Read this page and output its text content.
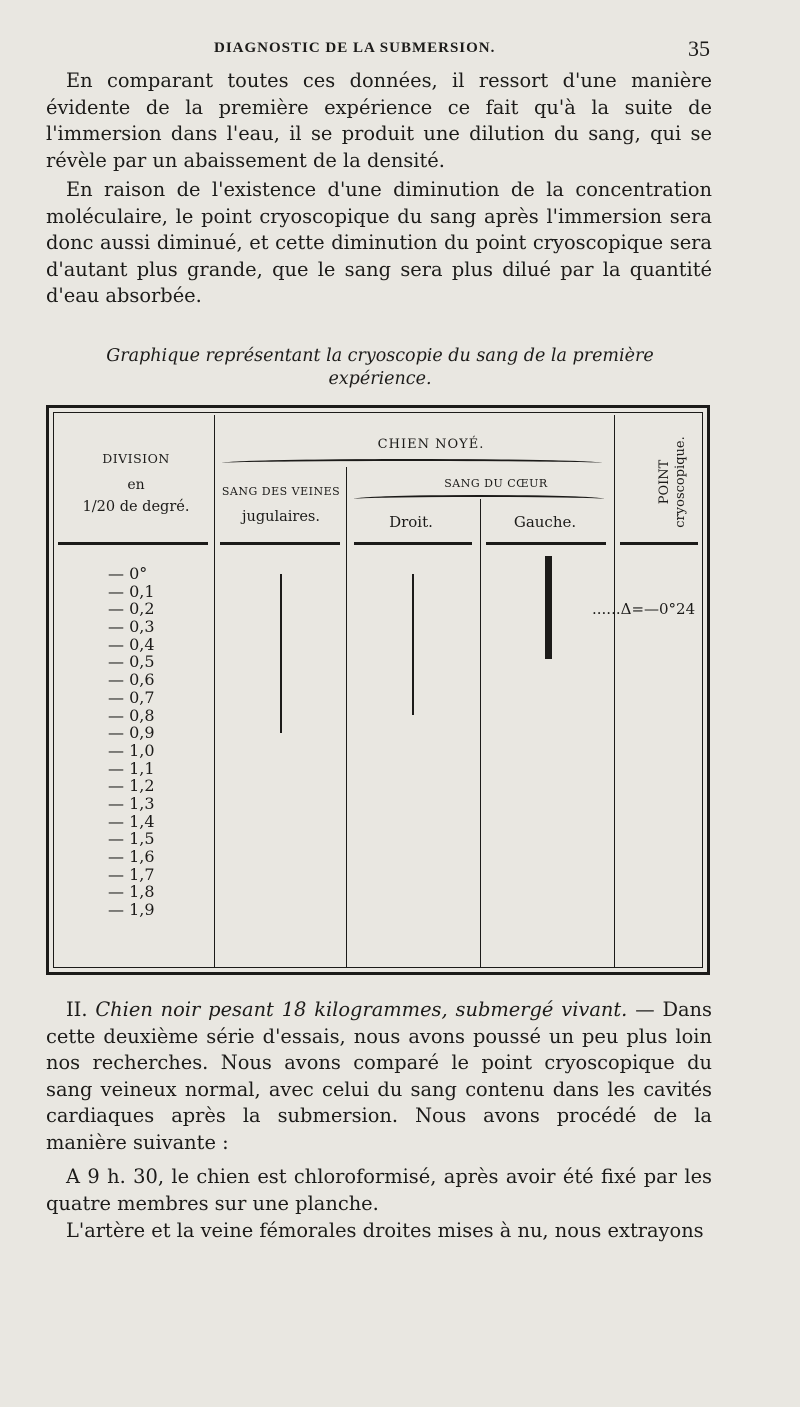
DIAGNOSTIC DE LA SUBMERSION.	35

En comparant toutes ces données, il ressort d'une manière évidente de la première expérience ce fait qu'à la suite de l'immersion dans l'eau, il se produit une dilution du sang, qui se révèle par un abaissement de la densité.

En raison de l'existence d'une diminution de la concentration moléculaire, le point cryoscopique du sang après l'immersion sera donc aussi diminué, et cette diminution du point cryoscopique sera d'autant plus grande, que le sang sera plus dilué par la quantité d'eau absorbée.

Graphique représentant la cryoscopie du sang de la première expérience.
DIVISION
en
1/20 de degré.
CHIEN NOYÉ.
SANG DES VEINES
jugulaires.
SANG DU CŒUR
Droit.	Gauche.
POINT cryoscopique.
— 0°
— 0,1
— 0,2
— 0,3
— 0,4
— 0,5
— 0,6
— 0,7
— 0,8
— 0,9
— 1,0
— 1,1
— 1,2
— 1,3
— 1,4
— 1,5
— 1,6
— 1,7
— 1,8
— 1,9
......Δ=—0°24

II. Chien noir pesant 18 kilogrammes, submergé vivant. — Dans cette deuxième série d'essais, nous avons poussé un peu plus loin nos recherches. Nous avons comparé le point cryoscopique du sang veineux normal, avec celui du sang contenu dans les cavités cardiaques après la submersion. Nous avons procédé de la manière suivante :

A 9 h. 30, le chien est chloroformisé, après avoir été fixé par les quatre membres sur une planche.

L'artère et la veine fémorales droites mises à nu, nous extrayons
